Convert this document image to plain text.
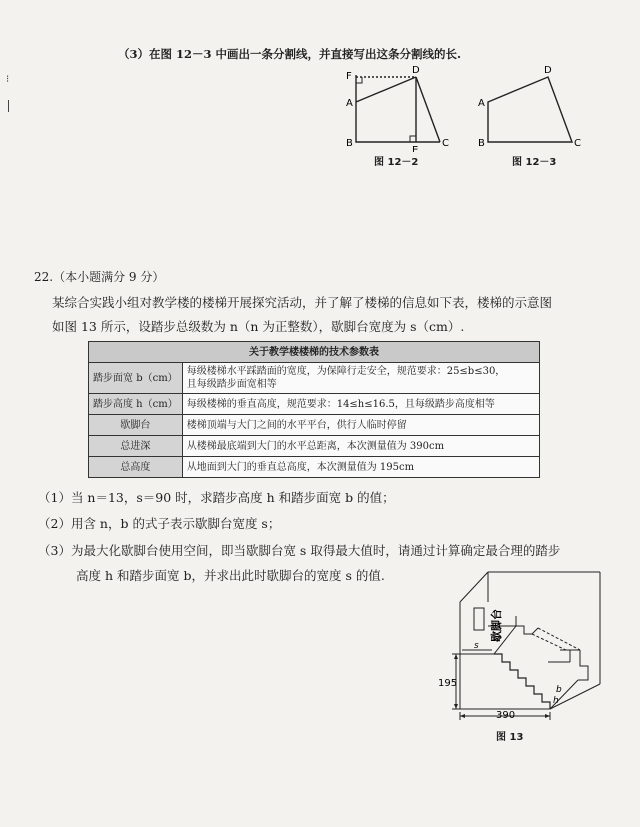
⁝
（3）在图 12－3 中画出一条分割线，并直接写出这条分割线的长.
F
D
A
B
E
C
图 12－2
D
A
B	C
图 12－3
22.（本小题满分 9 分）
某综合实践小组对教学楼的楼梯开展探究活动，并了解了楼梯的信息如下表，楼梯的示意图
如图 13 所示，设踏步总级数为 n（n 为正整数），歇脚台宽度为 s（cm）.
关于教学楼楼梯的技术参数表	
踏步面宽 b（cm）	每级楼梯水平踩踏面的宽度，为保障行走安全，规范要求：25≤b≤30，
且每级踏步面宽相等

踏步高度 h（cm）	每级楼梯的垂直高度，规范要求：14≤h≤16.5，且每级踏步高度相等
歇脚台	楼梯顶端与大门之间的水平平台，供行人临时停留
总进深	从楼梯最底端到大门的水平总距离，本次测量值为 390cm
总高度	从地面到大门的垂直总高度，本次测量值为 195cm
（1）当 n＝13，s＝90 时，求踏步高度 h 和踏步面宽 b 的值；
（2）用含 n，b 的式子表示歇脚台宽度 s；
（3）为最大化歇脚台使用空间，即当歇脚台宽 s 取得最大值时，请通过计算确定最合理的踏步
高度 h 和踏步面宽 b，并求出此时歇脚台的宽度 s 的值.
歇脚台
195
390
s
h
b
图 13
